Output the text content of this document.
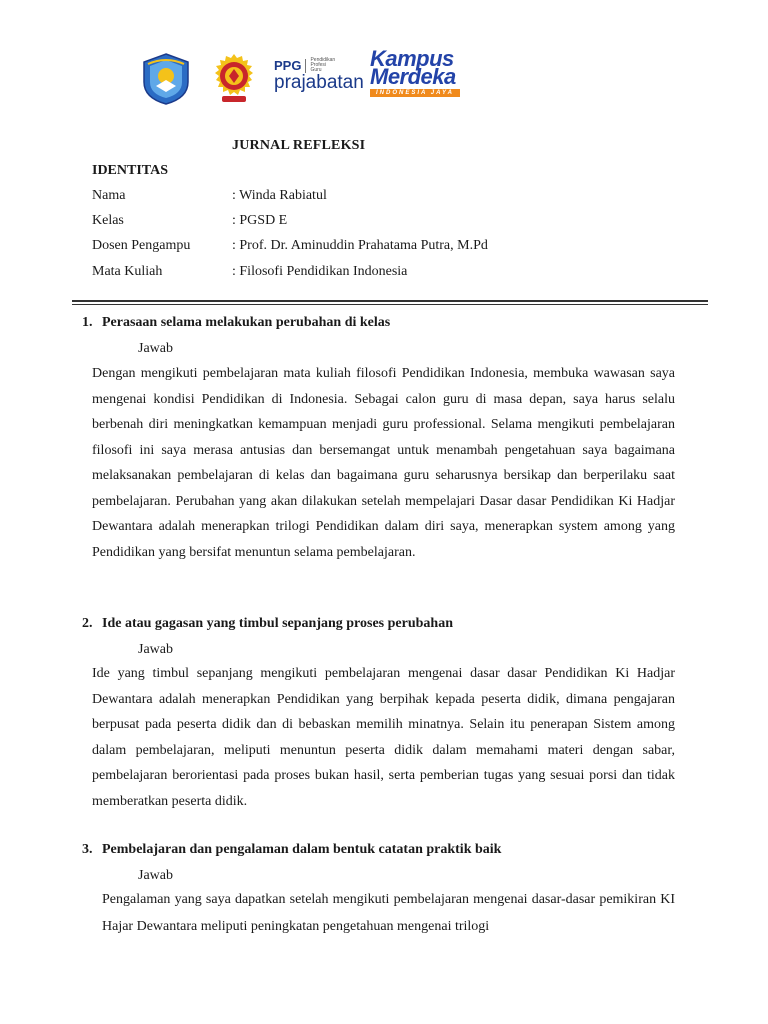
PPG Pendidikan Profesi Guru
prajabatan
Kampus
Merdeka
INDONESIA JAYA
JURNAL REFLEKSI
IDENTITAS
Nama	: Winda Rabiatul
Kelas	: PGSD E
Dosen Pengampu	: Prof. Dr. Aminuddin Prahatama Putra, M.Pd
Mata Kuliah	: Filosofi Pendidikan Indonesia
1. Perasaan selama melakukan perubahan di kelas
Jawab

Dengan mengikuti pembelajaran mata kuliah filosofi Pendidikan Indonesia, membuka wawasan saya mengenai kondisi Pendidikan di Indonesia. Sebagai calon guru di masa depan, saya harus selalu berbenah diri meningkatkan kemampuan menjadi guru professional. Selama mengikuti pembelajaran filosofi ini saya merasa antusias dan bersemangat untuk menambah pengetahuan saya bagaimana melaksanakan pembelajaran di kelas dan bagaimana guru seharusnya bersikap dan berperilaku saat pembelajaran. Perubahan yang akan dilakukan setelah mempelajari Dasar dasar Pendidikan Ki Hadjar Dewantara adalah menerapkan trilogi Pendidikan dalam diri saya, menerapkan system among yang Pendidikan yang bersifat menuntun selama pembelajaran.

2. Ide atau gagasan yang timbul sepanjang proses perubahan
Jawab

Ide yang timbul sepanjang mengikuti pembelajaran mengenai dasar dasar Pendidikan Ki Hadjar Dewantara adalah menerapkan Pendidikan yang berpihak kepada peserta didik, dimana pengajaran berpusat pada peserta didik dan di bebaskan memilih minatnya. Selain itu penerapan Sistem among dalam pembelajaran, meliputi menuntun peserta didik dalam memahami materi dengan sabar, pembelajaran berorientasi pada proses bukan hasil, serta pemberian tugas yang sesuai porsi dan tidak memberatkan peserta didik.

3. Pembelajaran dan pengalaman dalam bentuk catatan praktik baik
Jawab

Pengalaman yang saya dapatkan setelah mengikuti pembelajaran mengenai dasar-dasar pemikiran KI Hajar Dewantara meliputi peningkatan pengetahuan mengenai trilogi
